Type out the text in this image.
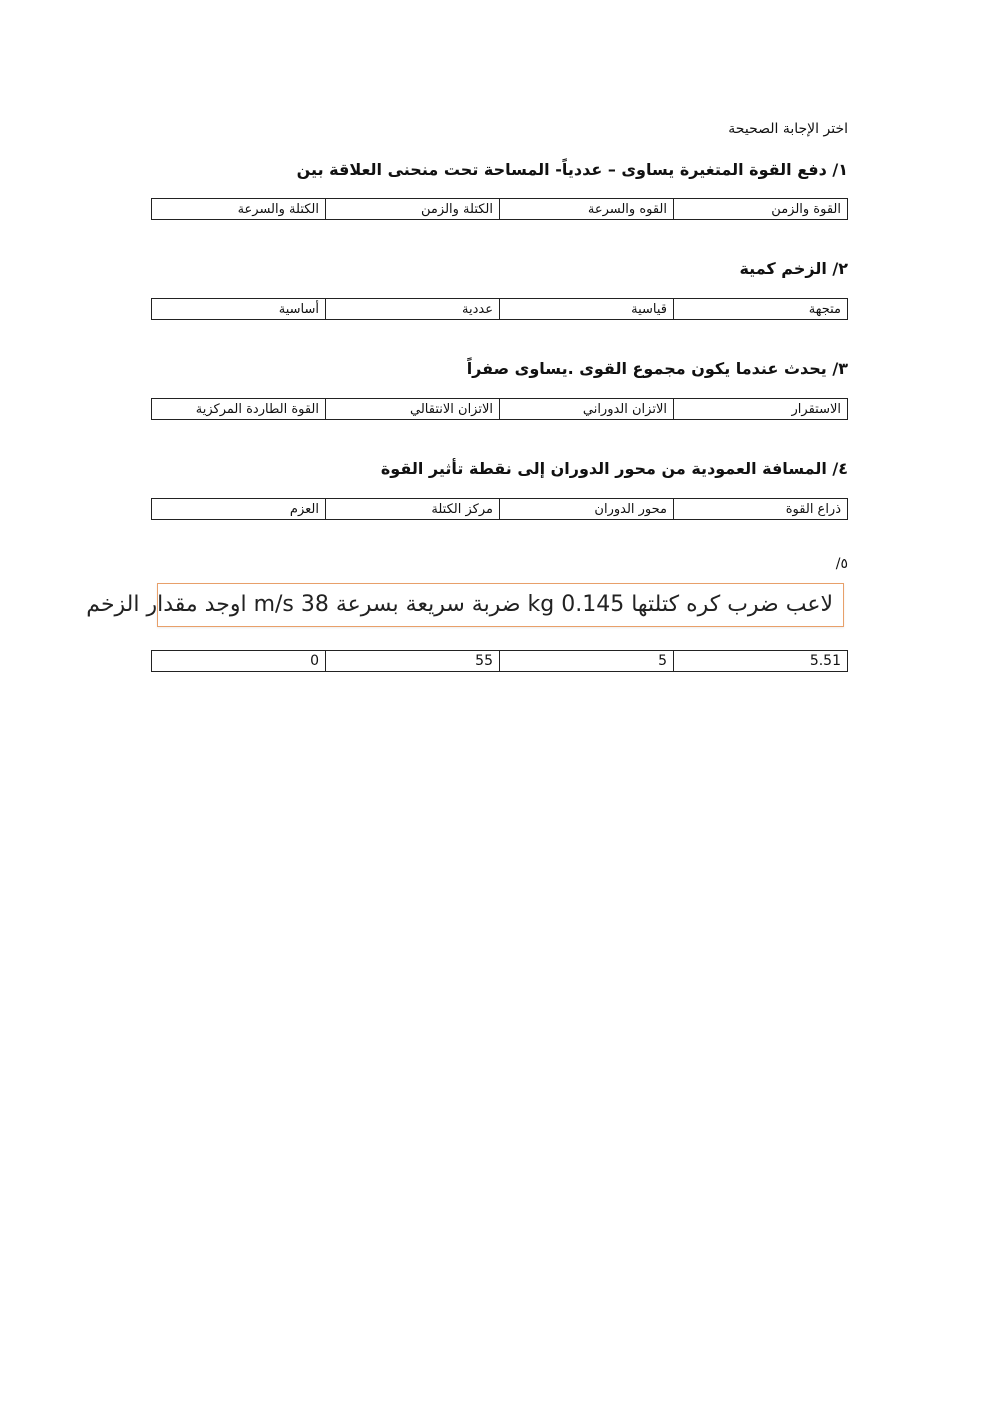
اختر الإجابة الصحيحة
١/ دفع القوة المتغيرة يساوى – عددياً- المساحة تحت منحنى العلاقة بين
القوة والزمن
القوه والسرعة
الكتلة والزمن
الكتلة والسرعة
٢/ الزخم كمية
متجهة
قياسية
عددية
أساسية
٣/ يحدث عندما يكون مجموع القوى .يساوى صفراً
الاستقرار
الاتزان الدوراني
الاتزان الانتقالي
القوة الطاردة المركزية
٤/ المسافة العمودية من محور الدوران إلى نقطة تأثير القوة
ذراع القوة
محور الدوران
مركز الكتلة
العزم
٥/
لاعب ضرب كره كتلتها 0.145 kg ضربة سريعة بسرعة 38 m/s اوجد مقدار الزخم
5.51
5
55
0
